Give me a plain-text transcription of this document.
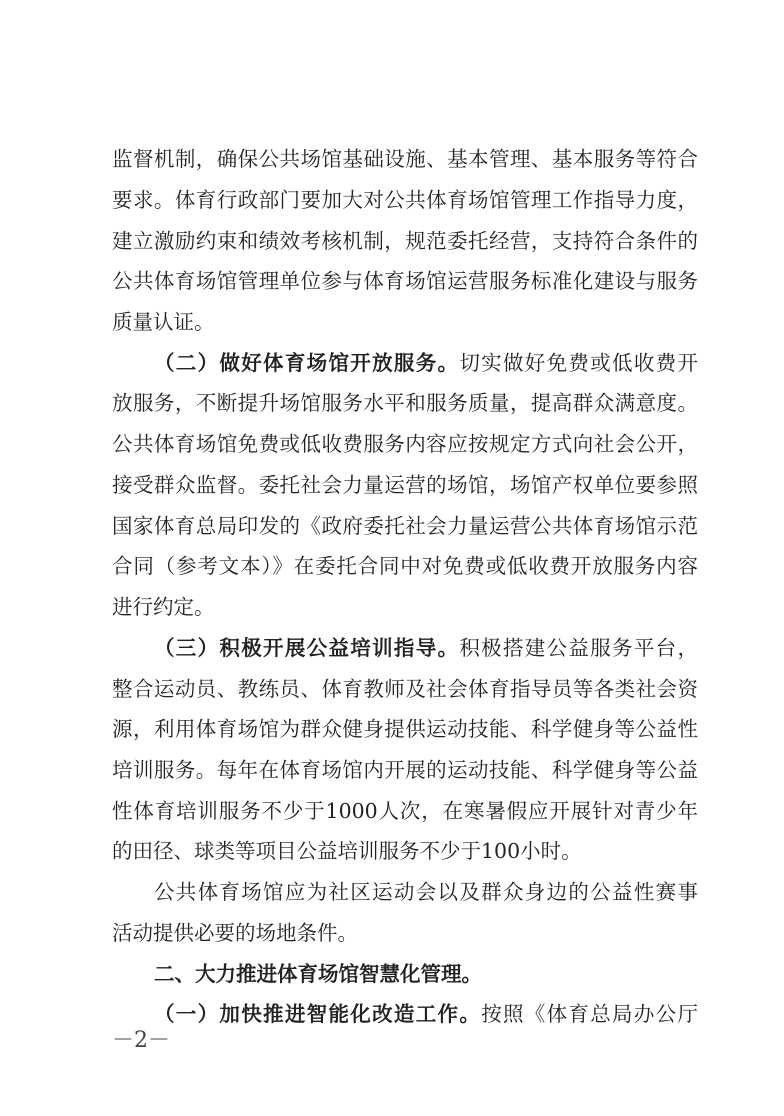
监督机制，确保公共场馆基础设施、基本管理、基本服务等符合
要求。体育行政部门要加大对公共体育场馆管理工作指导力度，
建立激励约束和绩效考核机制，规范委托经营，支持符合条件的
公共体育场馆管理单位参与体育场馆运营服务标准化建设与服务
质量认证。
（二）做好体育场馆开放服务。切实做好免费或低收费开
放服务，不断提升场馆服务水平和服务质量，提高群众满意度。
公共体育场馆免费或低收费服务内容应按规定方式向社会公开，
接受群众监督。委托社会力量运营的场馆，场馆产权单位要参照
国家体育总局印发的《政府委托社会力量运营公共体育场馆示范
合同（参考文本）》在委托合同中对免费或低收费开放服务内容
进行约定。
（三）积极开展公益培训指导。积极搭建公益服务平台，
整合运动员、教练员、体育教师及社会体育指导员等各类社会资
源，利用体育场馆为群众健身提供运动技能、科学健身等公益性
培训服务。每年在体育场馆内开展的运动技能、科学健身等公益
性体育培训服务不少于1000人次，在寒暑假应开展针对青少年
的田径、球类等项目公益培训服务不少于100小时。
公共体育场馆应为社区运动会以及群众身边的公益性赛事
活动提供必要的场地条件。
二、大力推进体育场馆智慧化管理。
（一）加快推进智能化改造工作。按照《体育总局办公厅
－2－
